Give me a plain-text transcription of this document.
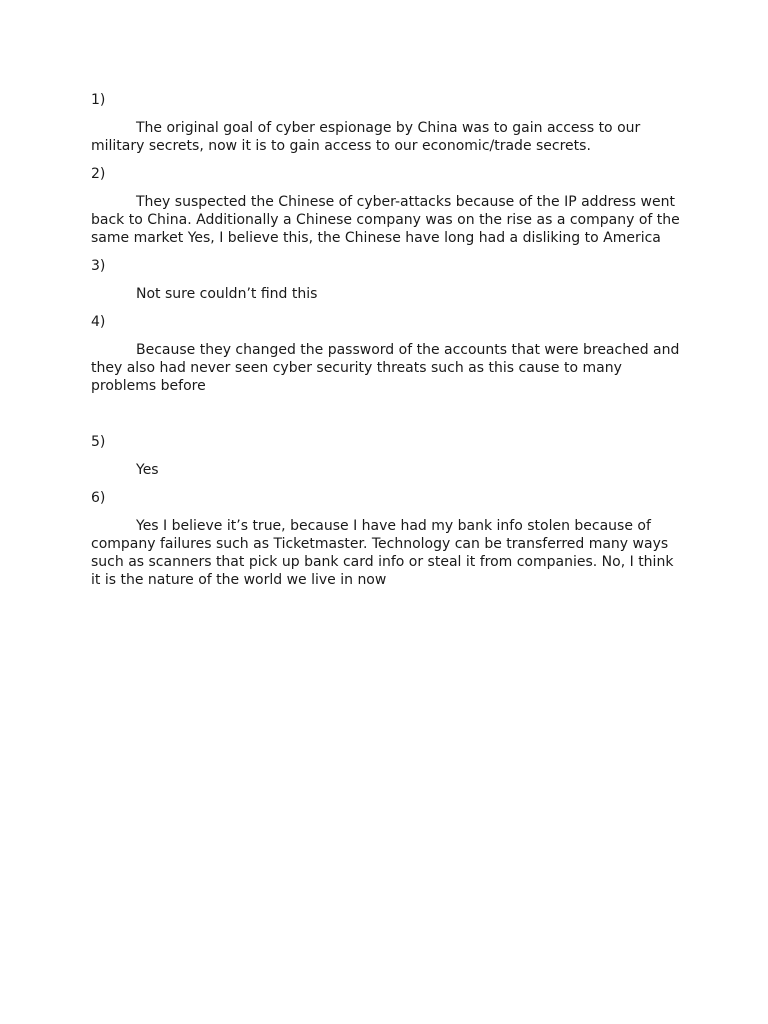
1)
The original goal of cyber espionage by China was to gain access to our military secrets, now it is to gain access to our economic/trade secrets.
2)
They suspected the Chinese of cyber-attacks because of the IP address went back to China. Additionally a Chinese company was on the rise as a company of the same market Yes, I believe this, the Chinese have long had a disliking to America
3)
Not sure couldn’t find this
4)
Because they changed the password of the accounts that were breached and they also had never seen cyber security threats such as this cause to many problems before
5)
Yes
6)
Yes I believe it’s true, because I have had my bank info stolen because of company failures such as Ticketmaster. Technology can be transferred many ways such as scanners that pick up bank card info or steal it from companies. No, I think it is the nature of the world we live in now
